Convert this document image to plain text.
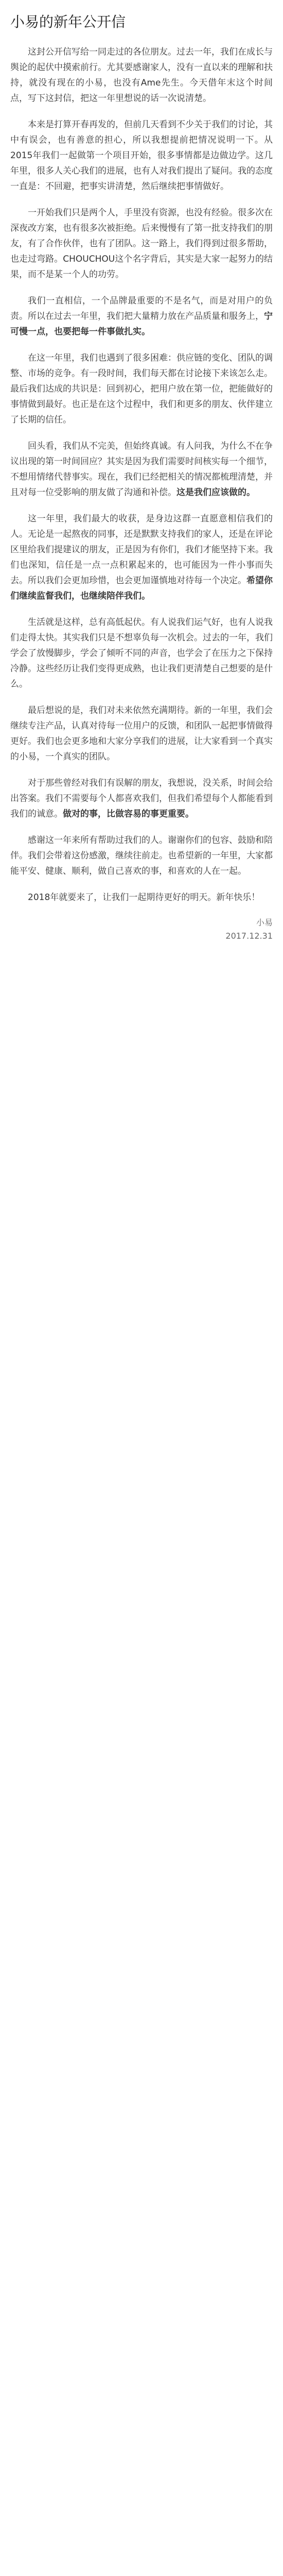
小易的新年公开信

这封公开信写给一同走过的各位朋友。过去一年，我们在成长与舆论的起伏中摸索前行。尤其要感谢家人，没有一直以来的理解和扶持，就没有现在的小易，也没有Ame先生。今天借年末这个时间点，写下这封信，把这一年里想说的话一次说清楚。

本来是打算开春再发的，但前几天看到不少关于我们的讨论，其中有误会，也有善意的担心，所以我想提前把情况说明一下。从2015年我们一起做第一个项目开始，很多事情都是边做边学。这几年里，很多人关心我们的进展，也有人对我们提出了疑问。我的态度一直是：不回避，把事实讲清楚，然后继续把事情做好。

一开始我们只是两个人，手里没有资源，也没有经验。很多次在深夜改方案，也有很多次被拒绝。后来慢慢有了第一批支持我们的朋友，有了合作伙伴，也有了团队。这一路上，我们得到过很多帮助，也走过弯路。CHOUCHOU这个名字背后，其实是大家一起努力的结果，而不是某一个人的功劳。

我们一直相信，一个品牌最重要的不是名气，而是对用户的负责。所以在过去一年里，我们把大量精力放在产品质量和服务上，宁可慢一点，也要把每一件事做扎实。

在这一年里，我们也遇到了很多困难：供应链的变化、团队的调整、市场的竞争。有一段时间，我们每天都在讨论接下来该怎么走。最后我们达成的共识是：回到初心，把用户放在第一位，把能做好的事情做到最好。也正是在这个过程中，我们和更多的朋友、伙伴建立了长期的信任。

回头看，我们从不完美，但始终真诚。有人问我，为什么不在争议出现的第一时间回应？其实是因为我们需要时间核实每一个细节，不想用情绪代替事实。现在，我们已经把相关的情况都梳理清楚，并且对每一位受影响的朋友做了沟通和补偿。这是我们应该做的。

这一年里，我们最大的收获，是身边这群一直愿意相信我们的人。无论是一起熬夜的同事，还是默默支持我们的家人，还是在评论区里给我们提建议的朋友，正是因为有你们，我们才能坚持下来。我们也深知，信任是一点一点积累起来的，也可能因为一件小事而失去。所以我们会更加珍惜，也会更加谨慎地对待每一个决定。希望你们继续监督我们，也继续陪伴我们。

生活就是这样，总有高低起伏。有人说我们运气好，也有人说我们走得太快。其实我们只是不想辜负每一次机会。过去的一年，我们学会了放慢脚步，学会了倾听不同的声音，也学会了在压力之下保持冷静。这些经历让我们变得更成熟，也让我们更清楚自己想要的是什么。

最后想说的是，我们对未来依然充满期待。新的一年里，我们会继续专注产品，认真对待每一位用户的反馈，和团队一起把事情做得更好。我们也会更多地和大家分享我们的进展，让大家看到一个真实的小易，一个真实的团队。

对于那些曾经对我们有误解的朋友，我想说，没关系，时间会给出答案。我们不需要每个人都喜欢我们，但我们希望每个人都能看到我们的诚意。做对的事，比做容易的事更重要。

感谢这一年来所有帮助过我们的人。谢谢你们的包容、鼓励和陪伴。我们会带着这份感激，继续往前走。也希望新的一年里，大家都能平安、健康、顺利，做自己喜欢的事，和喜欢的人在一起。

2018年就要来了，让我们一起期待更好的明天。新年快乐！

小易
2017.12.31
